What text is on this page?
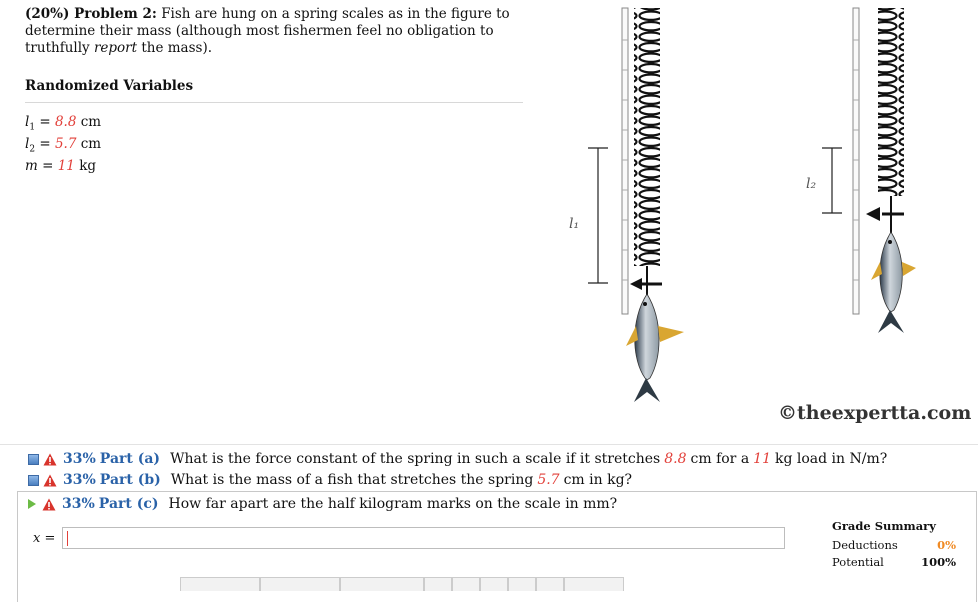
(20%) Problem 2: Fish are hung on a spring scales as in the figure to determine their mass (although most fishermen feel no obligation to truthfully report the mass).
Randomized Variables
$l_1 = 8.8$ cm
$l_2 = 5.7$ cm
m = 11 kg
l₁
l₂
©theexpertta.com
33% Part (a) What is the force constant of the spring in such a scale if it stretches 8.8 cm for a 11 kg load in N/m?
33% Part (b) What is the mass of a fish that stretches the spring 5.7 cm in kg?
33% Part (c) How far apart are the half kilogram marks on the scale in mm?
x =
Grade Summary
Deductions	0%
Potential	100%
